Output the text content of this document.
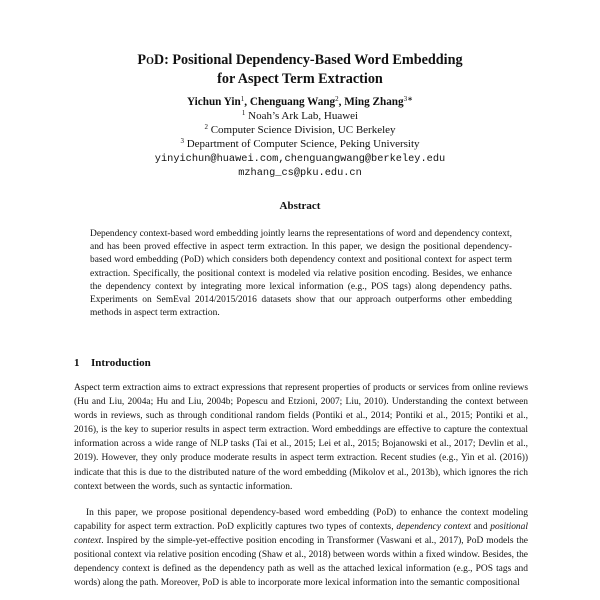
PoD: Positional Dependency-Based Word Embedding
for Aspect Term Extraction
Yichun Yin$^1$, Chenguang Wang$^2$, Ming Zhang$^{3∗}$
$^1$ Noah’s Ark Lab, Huawei
$^2$ Computer Science Division, UC Berkeley
$^3$ Department of Computer Science, Peking University
yinyichun@huawei.com,chenguangwang@berkeley.edu
mzhang_cs@pku.edu.cn
Abstract
Dependency context-based word embedding jointly learns the representations of word and dependency context, and has been proved effective in aspect term extraction. In this paper, we design the positional dependency-based word embedding (PoD) which considers both dependency context and positional context for aspect term extraction. Specifically, the positional context is modeled via relative position encoding. Besides, we enhance the dependency context by integrating more lexical information (e.g., POS tags) along dependency paths. Experiments on SemEval 2014/2015/2016 datasets show that our approach outperforms other embedding methods in aspect term extraction.
1 Introduction
Aspect term extraction aims to extract expressions that represent properties of products or services from online reviews (Hu and Liu, 2004a; Hu and Liu, 2004b; Popescu and Etzioni, 2007; Liu, 2010). Understanding the context between words in reviews, such as through conditional random fields (Pontiki et al., 2014; Pontiki et al., 2015; Pontiki et al., 2016), is the key to superior results in aspect term extraction. Word embeddings are effective to capture the contextual information across a wide range of NLP tasks (Tai et al., 2015; Lei et al., 2015; Bojanowski et al., 2017; Devlin et al., 2019). However, they only produce moderate results in aspect term extraction. Recent studies (e.g., Yin et al. (2016)) indicate that this is due to the distributed nature of the word embedding (Mikolov et al., 2013b), which ignores the rich context between the words, such as syntactic information.
In this paper, we propose positional dependency-based word embedding (PoD) to enhance the context modeling capability for aspect term extraction. PoD explicitly captures two types of contexts, dependency context and positional context. Inspired by the simple-yet-effective position encoding in Transformer (Vaswani et al., 2017), PoD models the positional context via relative position encoding (Shaw et al., 2018) between words within a fixed window. Besides, the dependency context is defined as the dependency path as well as the attached lexical information (e.g., POS tags and words) along the path. Moreover, PoD is able to incorporate more lexical information into the semantic compositional
